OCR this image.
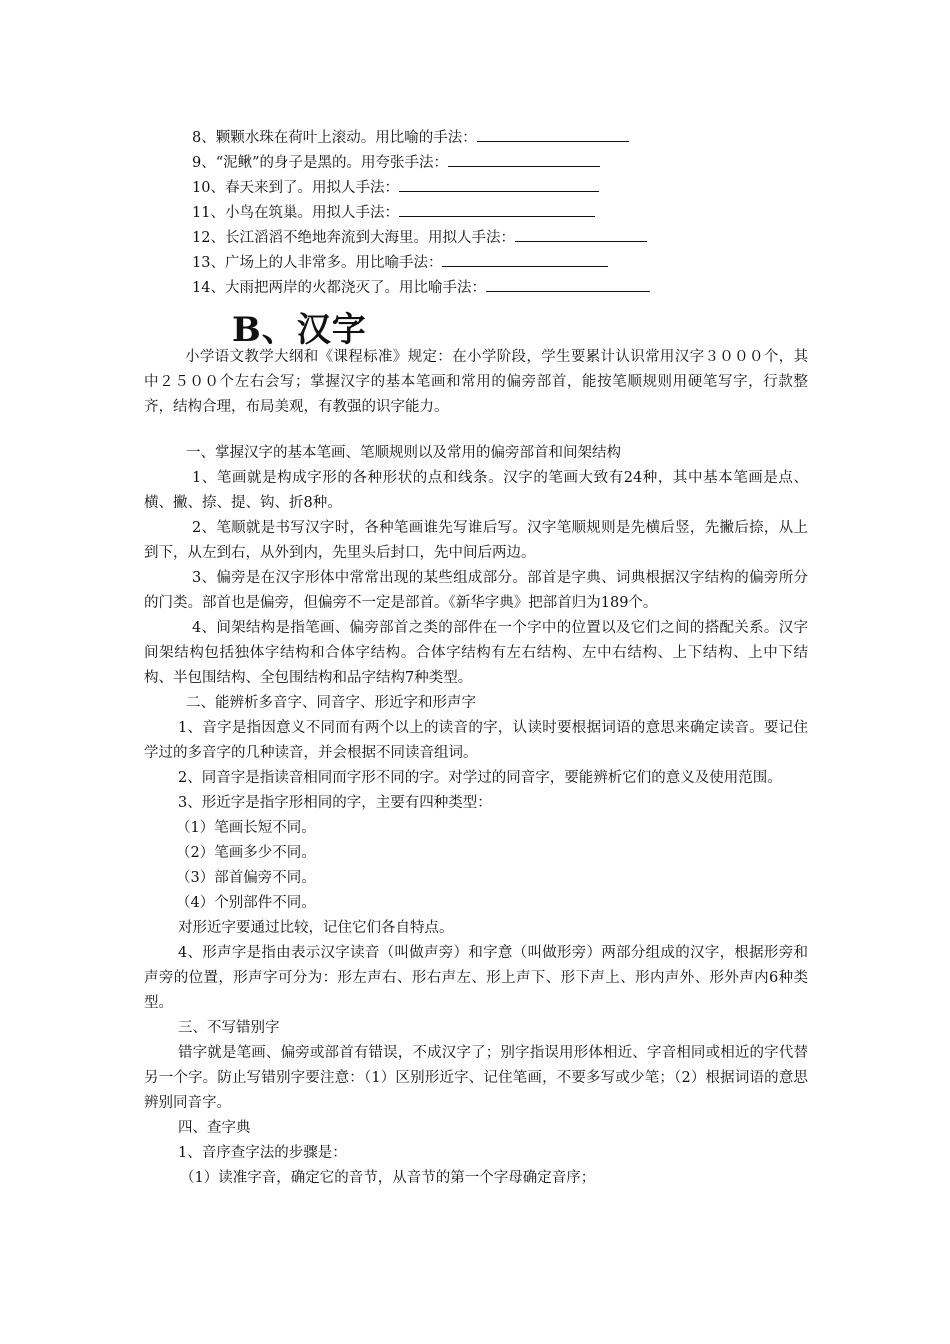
8、颗颗水珠在荷叶上滚动。用比喻的手法：
9、“泥鳅”的身子是黑的。用夸张手法：
10、春天来到了。用拟人手法：
11、小鸟在筑巢。用拟人手法：
12、长江滔滔不绝地奔流到大海里。用拟人手法：
13、广场上的人非常多。用比喻手法：
14、大雨把两岸的火都浇灭了。用比喻手法：
B、汉字

小学语文教学大纲和《课程标准》规定：在小学阶段，学生要累计认识常用汉字３０００个，其中２５００个左右会写；掌握汉字的基本笔画和常用的偏旁部首，能按笔顺规则用硬笔写字，行款整齐，结构合理，布局美观，有教强的识字能力。

一、掌握汉字的基本笔画、笔顺规则以及常用的偏旁部首和间架结构

1、笔画就是构成字形的各种形状的点和线条。汉字的笔画大致有24种，其中基本笔画是点、横、撇、捺、提、钩、折8种。

2、笔顺就是书写汉字时，各种笔画谁先写谁后写。汉字笔顺规则是先横后竖，先撇后捺，从上到下，从左到右，从外到内，先里头后封口，先中间后两边。

3、偏旁是在汉字形体中常常出现的某些组成部分。部首是字典、词典根据汉字结构的偏旁所分的门类。部首也是偏旁，但偏旁不一定是部首。《新华字典》把部首归为189个。

4、间架结构是指笔画、偏旁部首之类的部件在一个字中的位置以及它们之间的搭配关系。汉字间架结构包括独体字结构和合体字结构。合体字结构有左右结构、左中右结构、上下结构、上中下结构、半包围结构、全包围结构和品字结构7种类型。

二、能辨析多音字、同音字、形近字和形声字

1、音字是指因意义不同而有两个以上的读音的字，认读时要根据词语的意思来确定读音。要记住学过的多音字的几种读音，并会根据不同读音组词。

2、同音字是指读音相同而字形不同的字。对学过的同音字，要能辨析它们的意义及使用范围。

3、形近字是指字形相同的字，主要有四种类型：

（1）笔画长短不同。

（2）笔画多少不同。

（3）部首偏旁不同。

（4）个别部件不同。

对形近字要通过比较，记住它们各自特点。

4、形声字是指由表示汉字读音（叫做声旁）和字意（叫做形旁）两部分组成的汉字，根据形旁和声旁的位置，形声字可分为：形左声右、形右声左、形上声下、形下声上、形内声外、形外声内6种类型。

三、不写错别字

错字就是笔画、偏旁或部首有错误，不成汉字了；别字指误用形体相近、字音相同或相近的字代替另一个字。防止写错别字要注意：（1）区别形近字、记住笔画，不要多写或少笔；（2）根据词语的意思辨别同音字。

四、查字典

1、音序查字法的步骤是：

（1）读准字音，确定它的音节，从音节的第一个字母确定音序；
